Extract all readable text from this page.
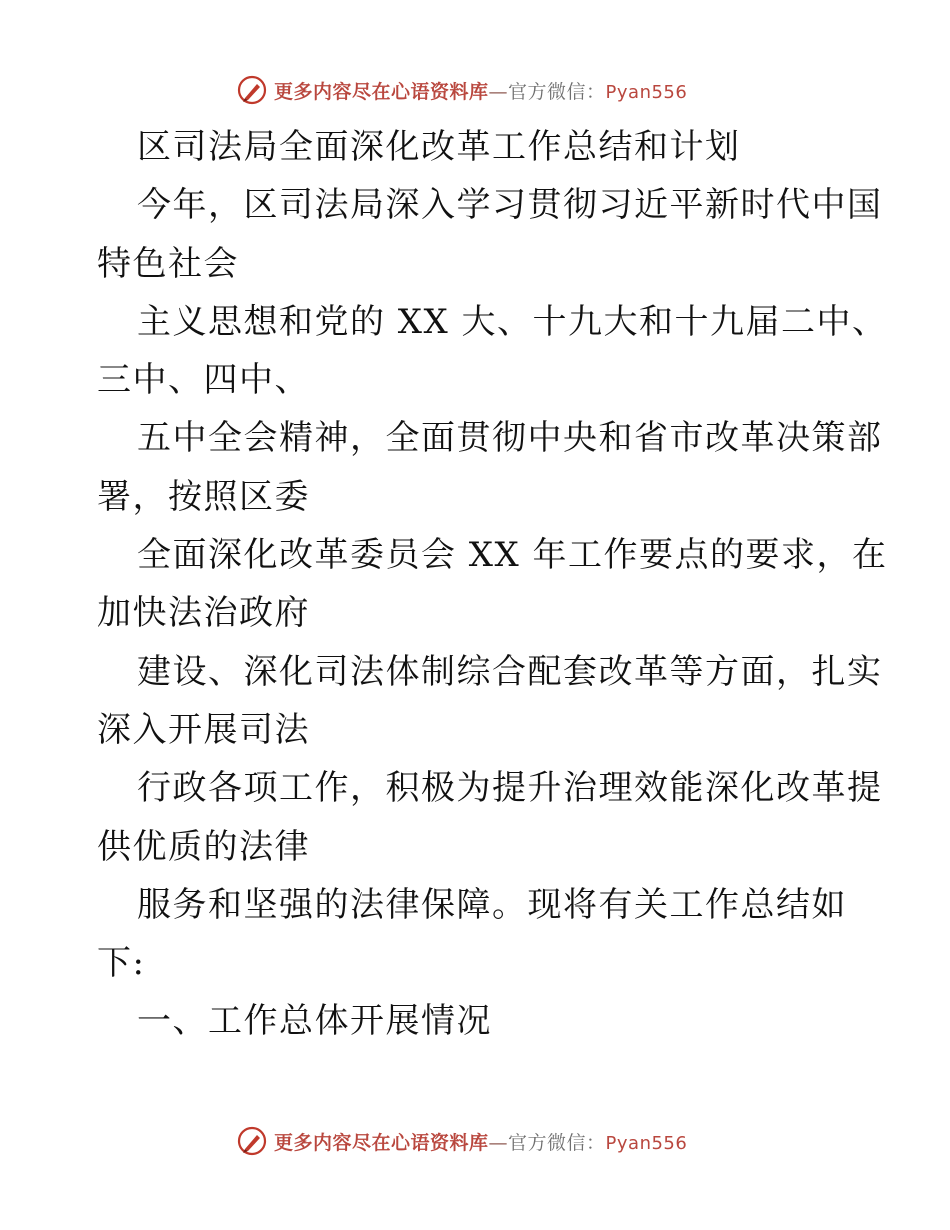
更多内容尽在心语资料库—官方微信：Pyan556
区司法局全面深化改革工作总结和计划
今年，区司法局深入学习贯彻习近平新时代中国
特色社会
主义思想和党的 XX 大、十九大和十九届二中、
三中、四中、
五中全会精神，全面贯彻中央和省市改革决策部
署，按照区委
全面深化改革委员会 XX 年工作要点的要求，在
加快法治政府
建设、深化司法体制综合配套改革等方面，扎实
深入开展司法
行政各项工作，积极为提升治理效能深化改革提
供优质的法律
服务和坚强的法律保障。现将有关工作总结如
下:
一、工作总体开展情况
更多内容尽在心语资料库—官方微信：Pyan556
